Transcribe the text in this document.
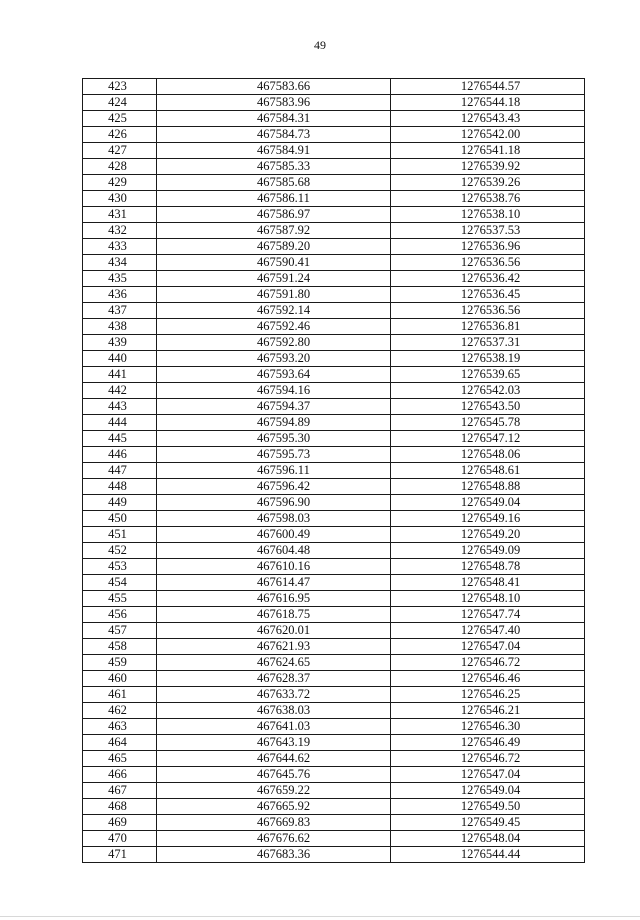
49
423	467583.66	1276544.57
424	467583.96	1276544.18
425	467584.31	1276543.43
426	467584.73	1276542.00
427	467584.91	1276541.18
428	467585.33	1276539.92
429	467585.68	1276539.26
430	467586.11	1276538.76
431	467586.97	1276538.10
432	467587.92	1276537.53
433	467589.20	1276536.96
434	467590.41	1276536.56
435	467591.24	1276536.42
436	467591.80	1276536.45
437	467592.14	1276536.56
438	467592.46	1276536.81
439	467592.80	1276537.31
440	467593.20	1276538.19
441	467593.64	1276539.65
442	467594.16	1276542.03
443	467594.37	1276543.50
444	467594.89	1276545.78
445	467595.30	1276547.12
446	467595.73	1276548.06
447	467596.11	1276548.61
448	467596.42	1276548.88
449	467596.90	1276549.04
450	467598.03	1276549.16
451	467600.49	1276549.20
452	467604.48	1276549.09
453	467610.16	1276548.78
454	467614.47	1276548.41
455	467616.95	1276548.10
456	467618.75	1276547.74
457	467620.01	1276547.40
458	467621.93	1276547.04
459	467624.65	1276546.72
460	467628.37	1276546.46
461	467633.72	1276546.25
462	467638.03	1276546.21
463	467641.03	1276546.30
464	467643.19	1276546.49
465	467644.62	1276546.72
466	467645.76	1276547.04
467	467659.22	1276549.04
468	467665.92	1276549.50
469	467669.83	1276549.45
470	467676.62	1276548.04
471	467683.36	1276544.44
